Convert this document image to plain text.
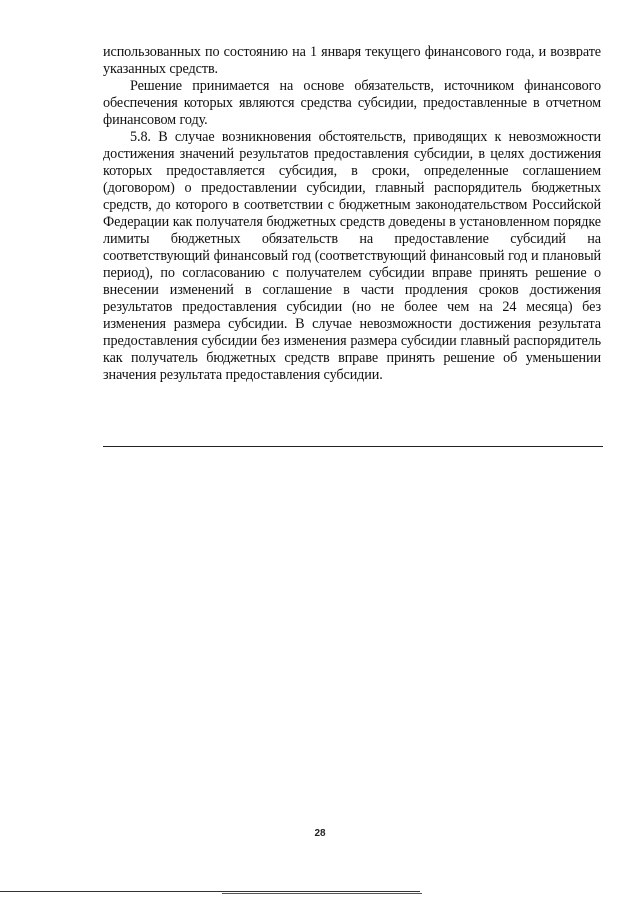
использованных по состоянию на 1 января текущего финансового года, и возврате указанных средств.

Решение принимается на основе обязательств, источником финансового обеспечения которых являются средства субсидии, предоставленные в отчетном финансовом году.

5.8. В случае возникновения обстоятельств, приводящих к невозможности достижения значений результатов предоставления субсидии, в целях достижения которых предоставляется субсидия, в сроки, определенные соглашением (договором) о предоставлении субсидии, главный распорядитель бюджетных средств, до которого в соответствии с бюджетным законодательством Российской Федерации как получателя бюджетных средств доведены в установленном порядке лимиты бюджетных обязательств на предоставление субсидий на соответствующий финансовый год (соответствующий финансовый год и плановый период), по согласованию с получателем субсидии вправе принять решение о внесении изменений в соглашение в части продления сроков достижения результатов предоставления субсидии (но не более чем на 24 месяца) без изменения размера субсидии. В случае невозможности достижения результата предоставления субсидии без изменения размера субсидии главный распорядитель как получатель бюджетных средств вправе принять решение об уменьшении значения результата предоставления субсидии.

28
